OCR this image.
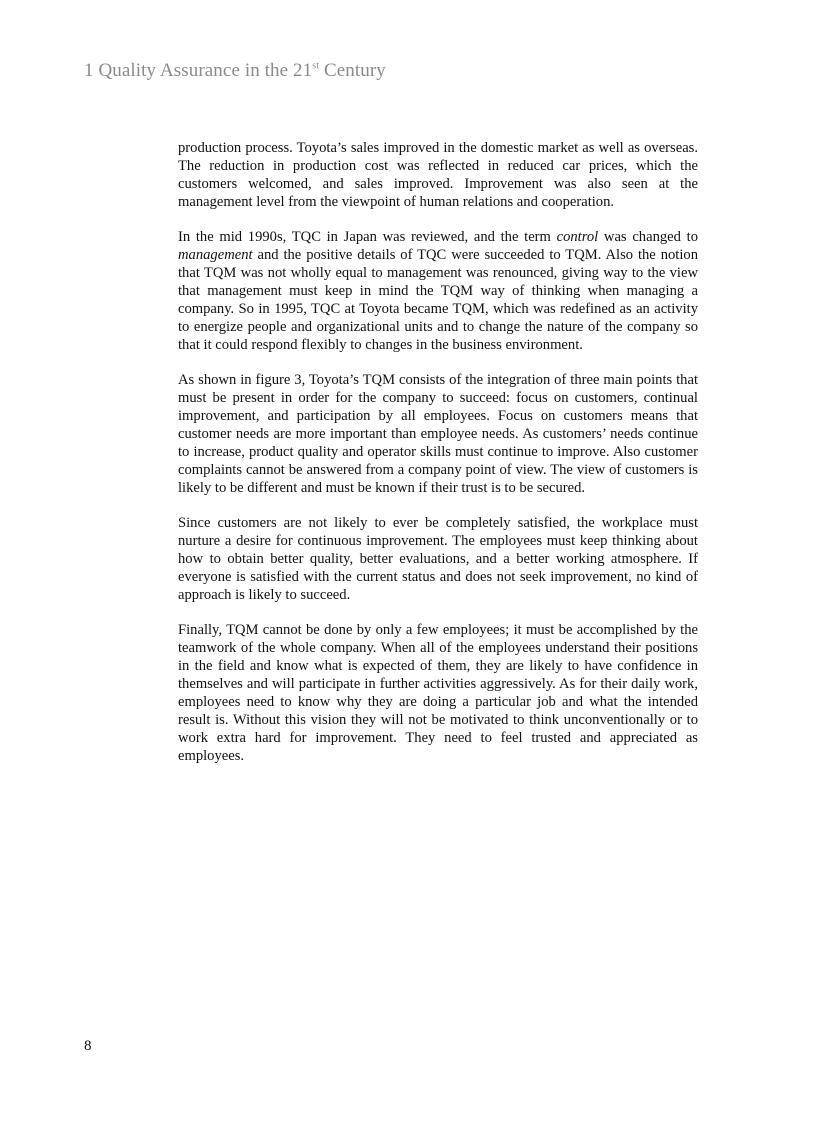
1 Quality Assurance in the 21st Century

production process. Toyota’s sales improved in the domestic market as well as overseas. The reduction in production cost was reflected in reduced car prices, which the customers welcomed, and sales improved. Improvement was also seen at the management level from the viewpoint of human relations and cooperation.

In the mid 1990s, TQC in Japan was reviewed, and the term control was changed to management and the positive details of TQC were succeeded to TQM. Also the notion that TQM was not wholly equal to management was renounced, giving way to the view that management must keep in mind the TQM way of thinking when managing a company. So in 1995, TQC at Toyota became TQM, which was redefined as an activity to energize people and organizational units and to change the nature of the company so that it could respond flexibly to changes in the business environment.

As shown in figure 3, Toyota’s TQM consists of the integration of three main points that must be present in order for the company to succeed: focus on customers, continual improvement, and participation by all employees. Focus on customers means that customer needs are more important than employee needs. As customers’ needs continue to increase, product quality and operator skills must continue to improve. Also customer complaints cannot be answered from a company point of view. The view of customers is likely to be different and must be known if their trust is to be secured.

Since customers are not likely to ever be completely satisfied, the workplace must nurture a desire for continuous improvement. The employees must keep thinking about how to obtain better quality, better evaluations, and a better working atmosphere. If everyone is satisfied with the current status and does not seek improvement, no kind of approach is likely to succeed.

Finally, TQM cannot be done by only a few employees; it must be accomplished by the teamwork of the whole company. When all of the employees understand their positions in the field and know what is expected of them, they are likely to have confidence in themselves and will participate in further activities aggressively. As for their daily work, employees need to know why they are doing a particular job and what the intended result is. Without this vision they will not be motivated to think unconventionally or to work extra hard for improvement. They need to feel trusted and appreciated as employees.

8
